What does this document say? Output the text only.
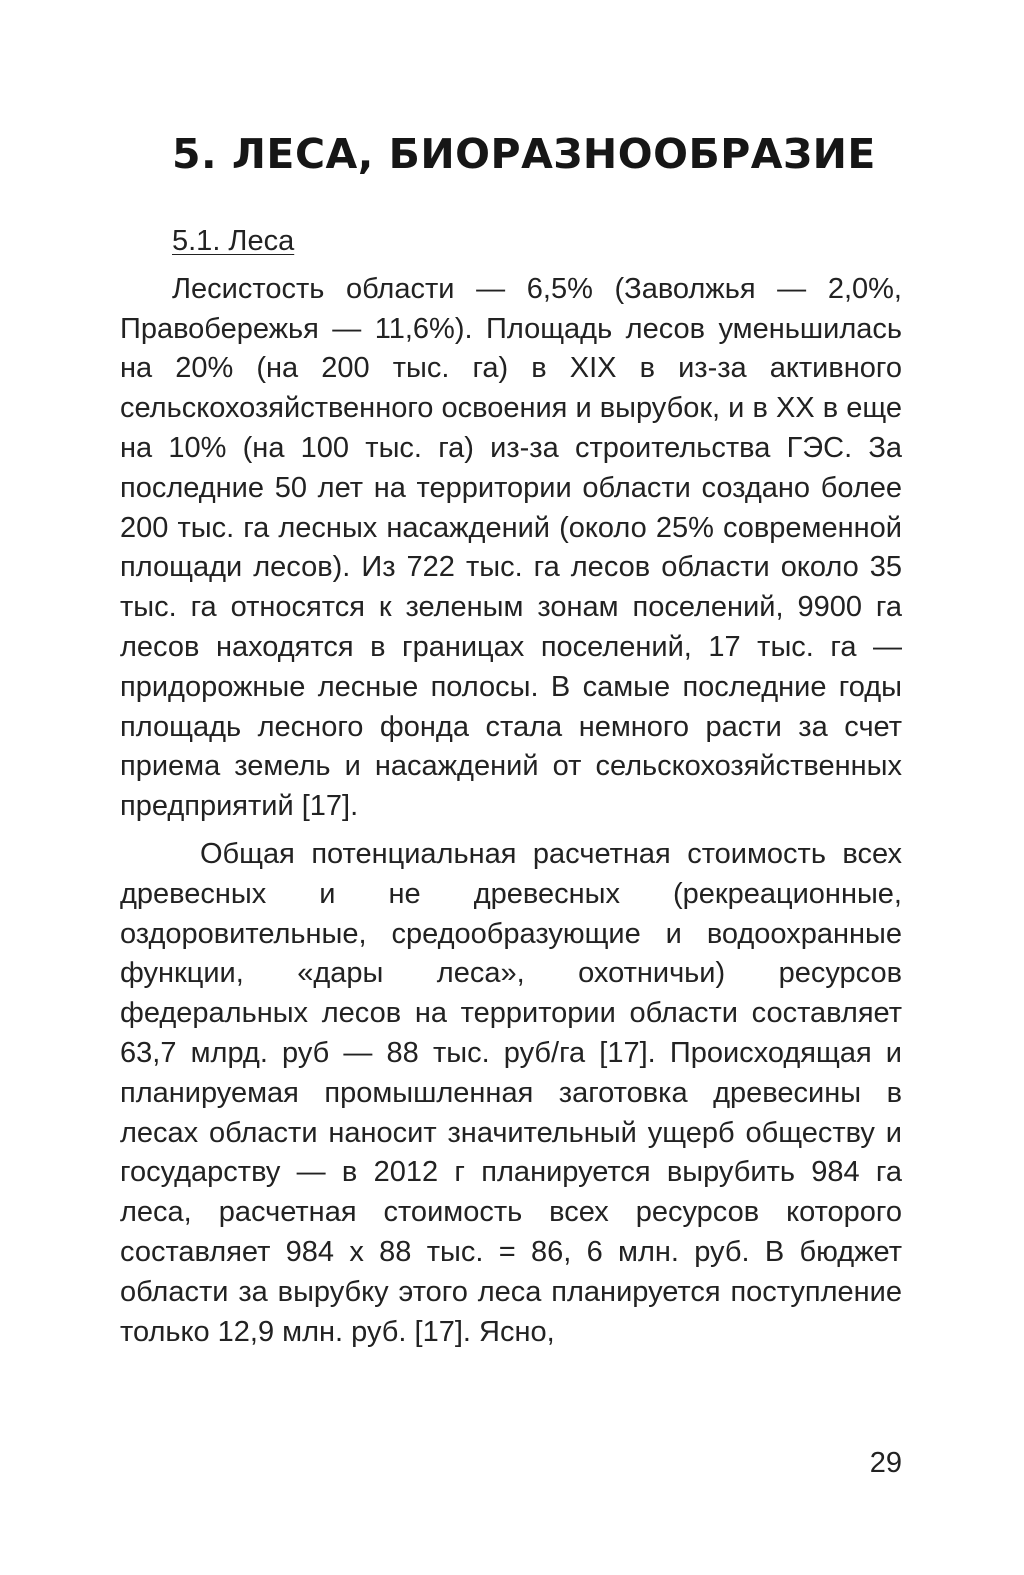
5. ЛЕСА, БИОРАЗНООБРАЗИЕ

5.1. Леса

Лесистость области — 6,5% (Заволжья — 2,0%, Правобережья — 11,6%). Площадь лесов уменьшилась на 20% (на 200 тыс. га) в XIX в из-за активного сельскохозяйственного освоения и вырубок, и в XX в еще на 10% (на 100 тыс. га) из-за строительства ГЭС. За последние 50 лет на территории области создано более 200 тыс. га лесных насаждений (около 25% современной площади лесов). Из 722 тыс. га лесов области около 35 тыс. га относятся к зеленым зонам поселений, 9900 га лесов находятся в границах поселений, 17 тыс. га — придорожные лесные полосы. В самые последние годы площадь лесного фонда стала немного расти за счет приема земель и насаждений от сельскохозяйственных предприятий [17].

Общая потенциальная расчетная стоимость всех древесных и не древесных (рекреационные, оздоровительные, средообразующие и водоохранные функции, «дары леса», охотничьи) ресурсов федеральных лесов на территории области составляет 63,7 млрд. руб — 88 тыс. руб/га [17]. Происходящая и планируемая промышленная заготовка древесины в лесах области наносит значительный ущерб обществу и государству — в 2012 г планируется вырубить 984 га леса, расчетная стоимость всех ресурсов которого составляет 984 х 88 тыс. = 86, 6 млн. руб. В бюджет области за вырубку этого леса планируется поступление только 12,9 млн. руб. [17]. Ясно,

29
